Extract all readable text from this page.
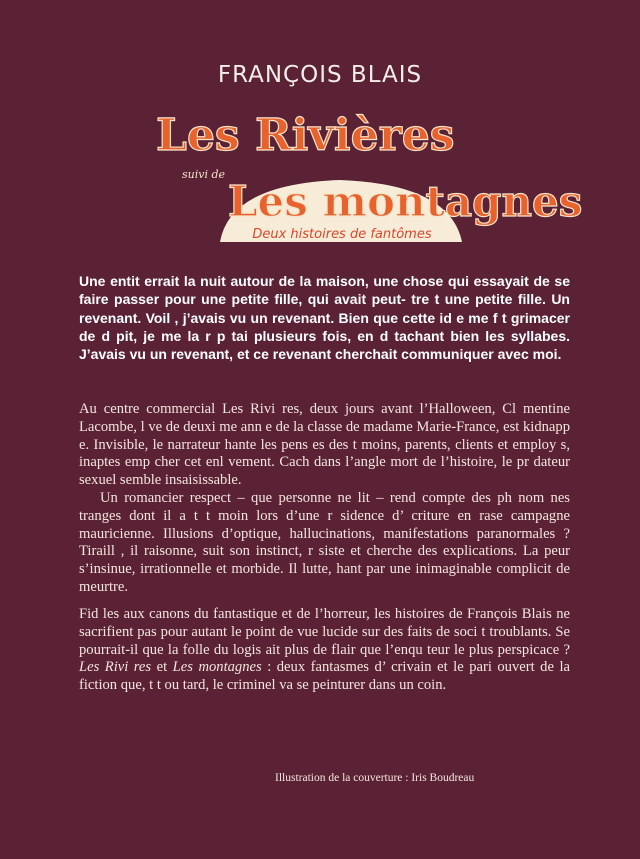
FRANÇOIS BLAIS
Les Rivières
suivi de
Les montagnes
Deux histoires de fantômes

Une entit errait la nuit autour de la maison, une chose qui essayait de se faire passer pour une petite fille, qui avait peut- tre t une petite fille. Un revenant. Voil , j’avais vu un revenant. Bien que cette id e me f t grimacer de d pit, je me la r p tai plusieurs fois, en d tachant bien les syllabes. J’avais vu un revenant, et ce revenant cherchait communiquer avec moi.

Au centre commercial Les Rivi res, deux jours avant l’Halloween, Cl mentine Lacombe, l ve de deuxi me ann e de la classe de madame Marie-France, est kidnapp e. Invisible, le narrateur hante les pens es des t moins, parents, clients et employ s, inaptes emp cher cet enl vement. Cach dans l’angle mort de l’histoire, le pr dateur sexuel semble insaisissable.

Un romancier respect – que personne ne lit – rend compte des ph nom nes tranges dont il a t t moin lors d’une r sidence d’ criture en rase campagne mauricienne. Illusions d’optique, hallucinations, manifestations paranormales ? Tiraill , il raisonne, suit son instinct, r siste et cherche des explications. La peur s’insinue, irrationnelle et morbide. Il lutte, hant par une inimaginable complicit de meurtre.

Fid les aux canons du fantastique et de l’horreur, les histoires de François Blais ne sacrifient pas pour autant le point de vue lucide sur des faits de soci t troublants. Se pourrait-il que la folle du logis ait plus de flair que l’enqu teur le plus perspicace ? Les Rivi res et Les montagnes : deux fantasmes d’ crivain et le pari ouvert de la fiction que, t t ou tard, le criminel va se peinturer dans un coin.

Illustration de la couverture : Iris Boudreau
